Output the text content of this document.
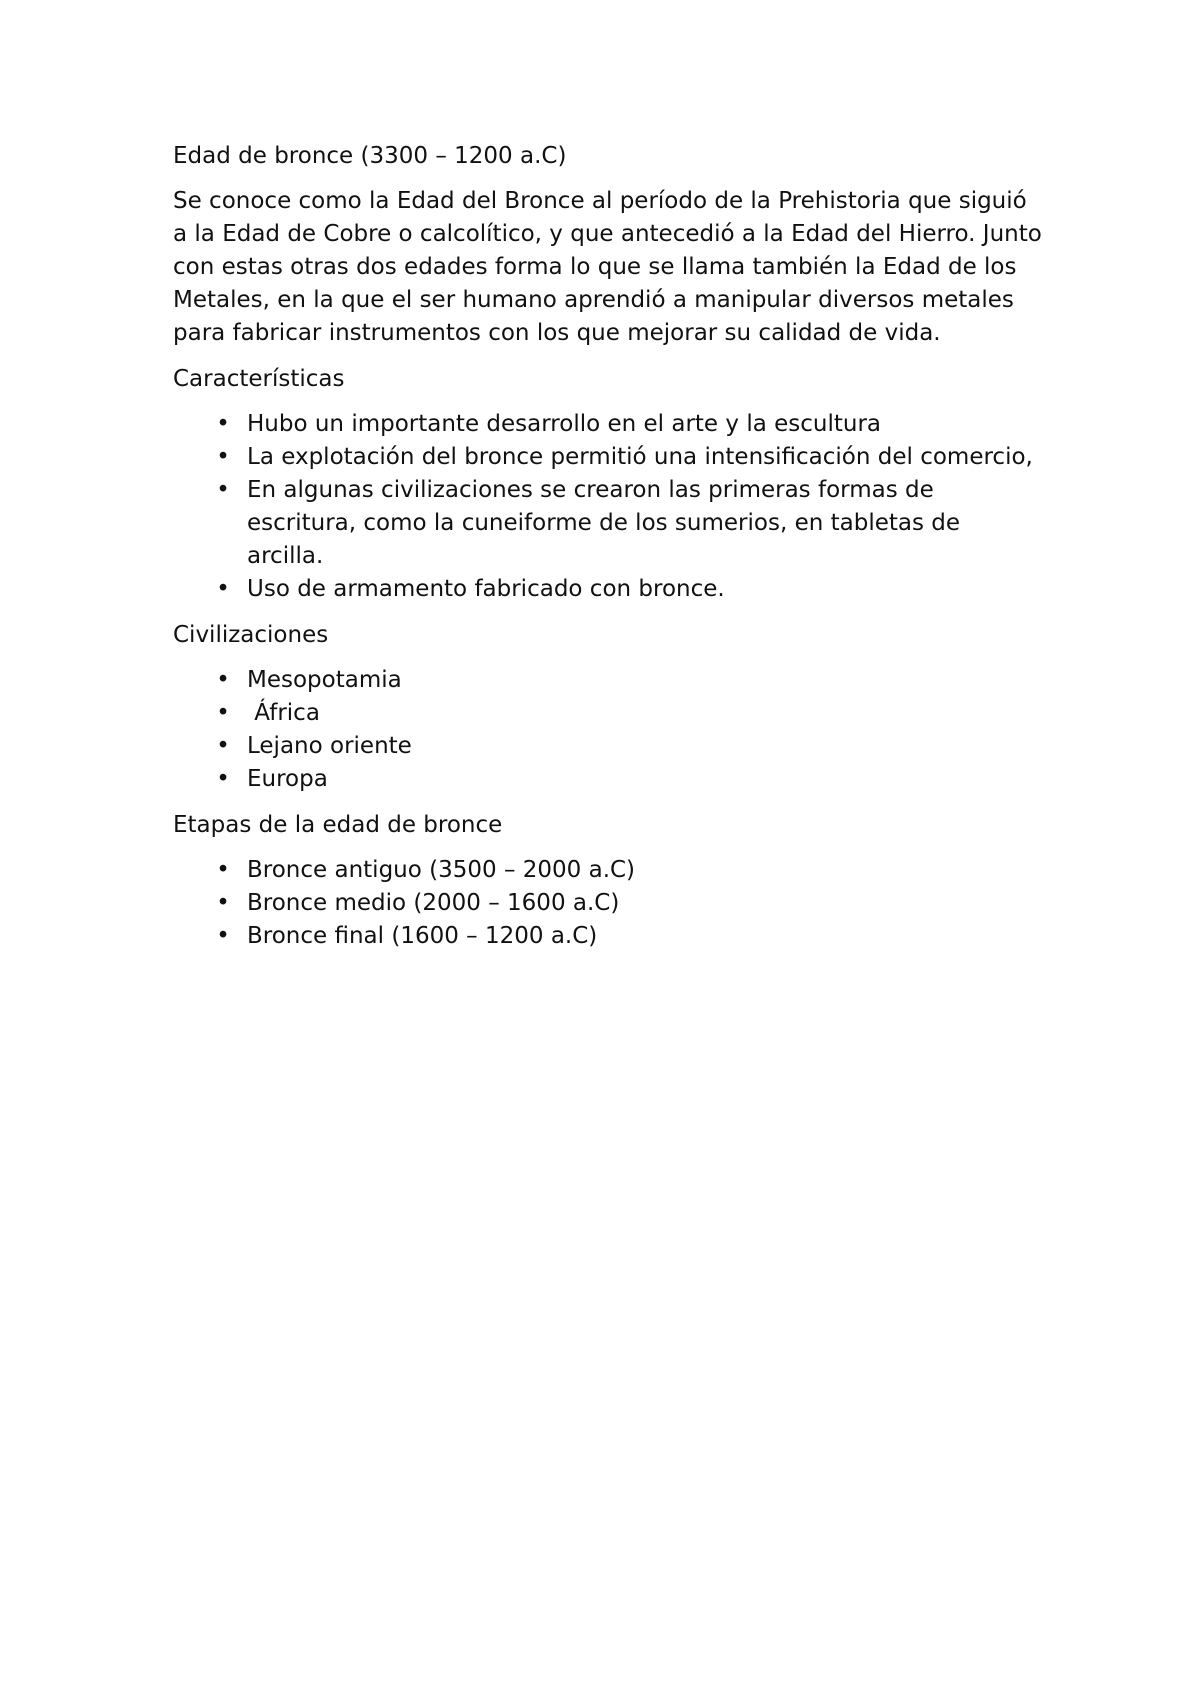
Edad de bronce (3300 – 1200 a.C)

Se conoce como la Edad del Bronce al período de la Prehistoria que siguió a la Edad de Cobre o calcolítico, y que antecedió a la Edad del Hierro. Junto con estas otras dos edades forma lo que se llama también la Edad de los Metales, en la que el ser humano aprendió a manipular diversos metales para fabricar instrumentos con los que mejorar su calidad de vida.

Características

• Hubo un importante desarrollo en el arte y la escultura
• La explotación del bronce permitió una intensificación del comercio,
• En algunas civilizaciones se crearon las primeras formas de escritura, como la cuneiforme de los sumerios, en tabletas de arcilla.
• Uso de armamento fabricado con bronce.

Civilizaciones

• Mesopotamia
• África
• Lejano oriente
• Europa

Etapas de la edad de bronce

• Bronce antiguo (3500 – 2000 a.C)
• Bronce medio (2000 – 1600 a.C)
• Bronce final (1600 – 1200 a.C)
